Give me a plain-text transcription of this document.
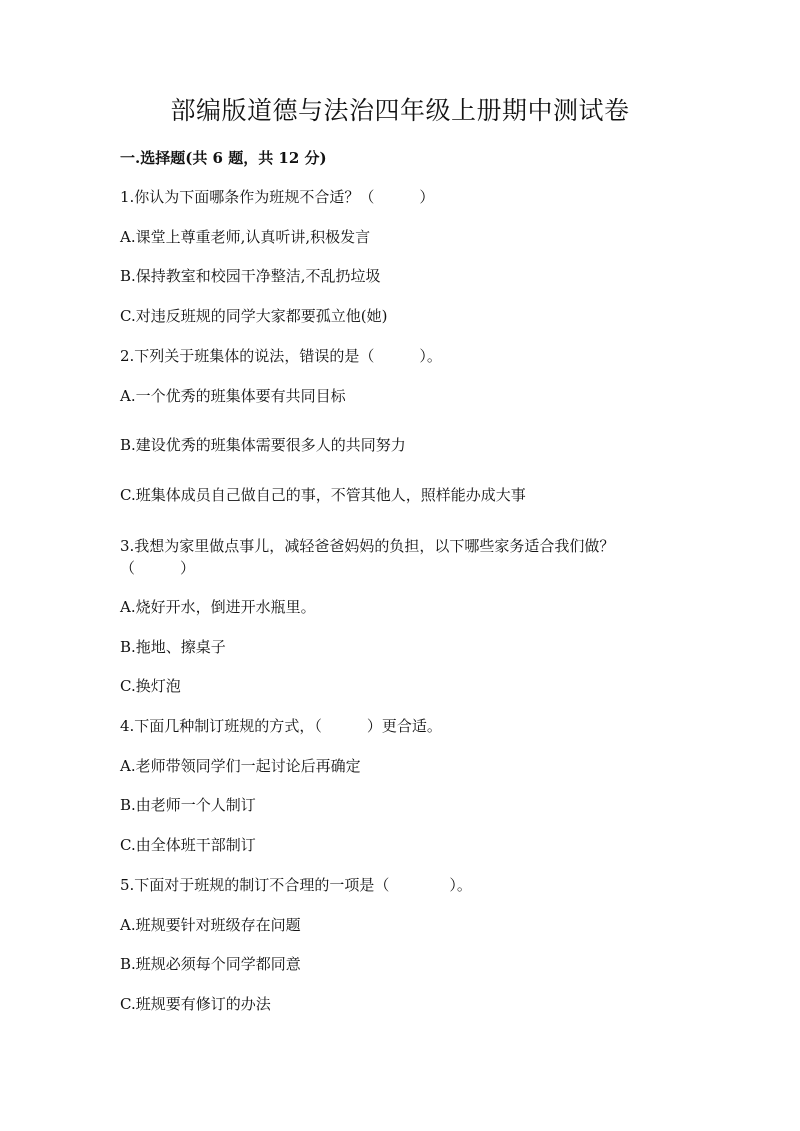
部编版道德与法治四年级上册期中测试卷
一.选择题(共 6 题，共 12 分)
1.你认为下面哪条作为班规不合适？（　　　）
A.课堂上尊重老师,认真听讲,积极发言
B.保持教室和校园干净整洁,不乱扔垃圾
C.对违反班规的同学大家都要孤立他(她)
2.下列关于班集体的说法，错误的是（　　　）。
A.一个优秀的班集体要有共同目标
B.建设优秀的班集体需要很多人的共同努力
C.班集体成员自己做自己的事，不管其他人，照样能办成大事
3.我想为家里做点事儿，减轻爸爸妈妈的负担，以下哪些家务适合我们做？（　　　）
A.烧好开水，倒进开水瓶里。
B.拖地、擦桌子
C.换灯泡
4.下面几种制订班规的方式，（　　　）更合适。
A.老师带领同学们一起讨论后再确定
B.由老师一个人制订
C.由全体班干部制订
5.下面对于班规的制订不合理的一项是（　　　　）。
A.班规要针对班级存在问题
B.班规必须每个同学都同意
C.班规要有修订的办法
